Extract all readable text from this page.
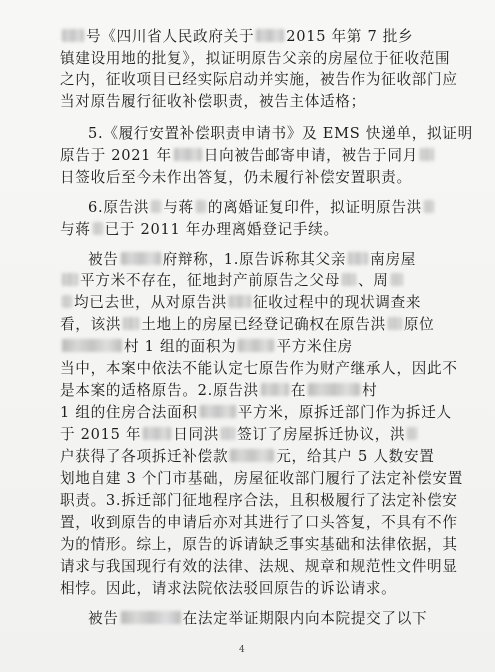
号《四川省人民政府关于 2015 年第 7 批乡
镇建设用地的批复》，拟证明原告父亲的房屋位于征收范围
之内，征收项目已经实际启动并实施，被告作为征收部门应
当对原告履行征收补偿职责，被告主体适格；
5.《履行安置补偿职责申请书》及 EMS 快递单，拟证明
原告于 2021 年 日向被告邮寄申请，被告于同月
日签收后至今未作出答复，仍未履行补偿安置职责。
6.原告洪 与蒋 的离婚证复印件，拟证明原告洪
与蒋 已于 2011 年办理离婚登记手续。
被告	府辩称，1.原告诉称其父亲 南房屋
平方米不存在，征地封产前原告之父母 、周
均已去世，从对原告洪 征收过程中的现状调查来
看，该洪 土地上的房屋已经登记确权在原告洪 原位
村 1 组的面积为	平方米住房
当中，本案中依法不能认定七原告作为财产继承人，因此不
是本案的适格原告。2.原告洪 在	村
1 组的住房合法面积	平方米，原拆迁部门作为拆迁人
于 2015 年 日同洪 签订了房屋拆迁协议，洪
户获得了各项拆迁补偿款	元，给其户 5 人数安置
划地自建 3 个门市基础，房屋征收部门履行了法定补偿安置
职责。3.拆迁部门征地程序合法，且积极履行了法定补偿安
置，收到原告的申请后亦对其进行了口头答复，不具有不作
为的情形。综上，原告的诉请缺乏事实基础和法律依据，其
请求与我国现行有效的法律、法规、规章和规范性文件明显
相悖。因此，请求法院依法驳回原告的诉讼请求。
被告	在法定举证期限内向本院提交了以下
4
